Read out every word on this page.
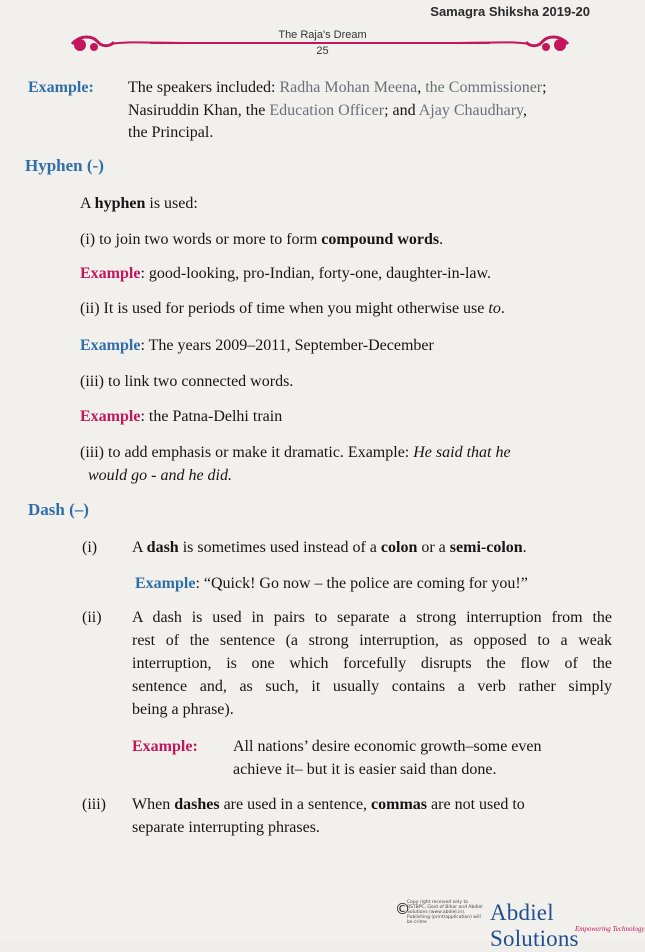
Samagra Shiksha 2019-20
The Raja's Dream
25
Example: The speakers included: Radha Mohan Meena, the Commissioner;
Nasiruddin Khan, the Education Officer; and Ajay Chaudhary,
the Principal.
Hyphen (-)
A hyphen is used:
(i) to join two words or more to form compound words.
Example: good-looking, pro-Indian, forty-one, daughter-in-law.
(ii) It is used for periods of time when you might otherwise use to.
Example: The years 2009–2011, September-December
(iii) to link two connected words.
Example: the Patna-Delhi train
(iii) to add emphasis or make it dramatic. Example: He said that he
would go - and he did.
Dash (–)
(i) A dash is sometimes used instead of a colon or a semi-colon.
Example: “Quick! Go now – the police are coming for you!”
(ii) A dash is used in pairs to separate a strong interruption from the
rest of the sentence (a strong interruption, as opposed to a weak
interruption, is one which forcefully disrupts the flow of the
sentence and, as such, it usually contains a verb rather simply
being a phrase).
Example: All nations’ desire economic growth–some even
achieve it– but it is easier said than done.
(iii) When dashes are used in a sentence, commas are not used to
separate interrupting phrases.
©
Copy right received only to BSTBPC, Govt of Bihar and Abdiel Solutions (www.abdiel.in). Publishing (print/application) will be crime	Abdiel Solutions
Empowering Technology
